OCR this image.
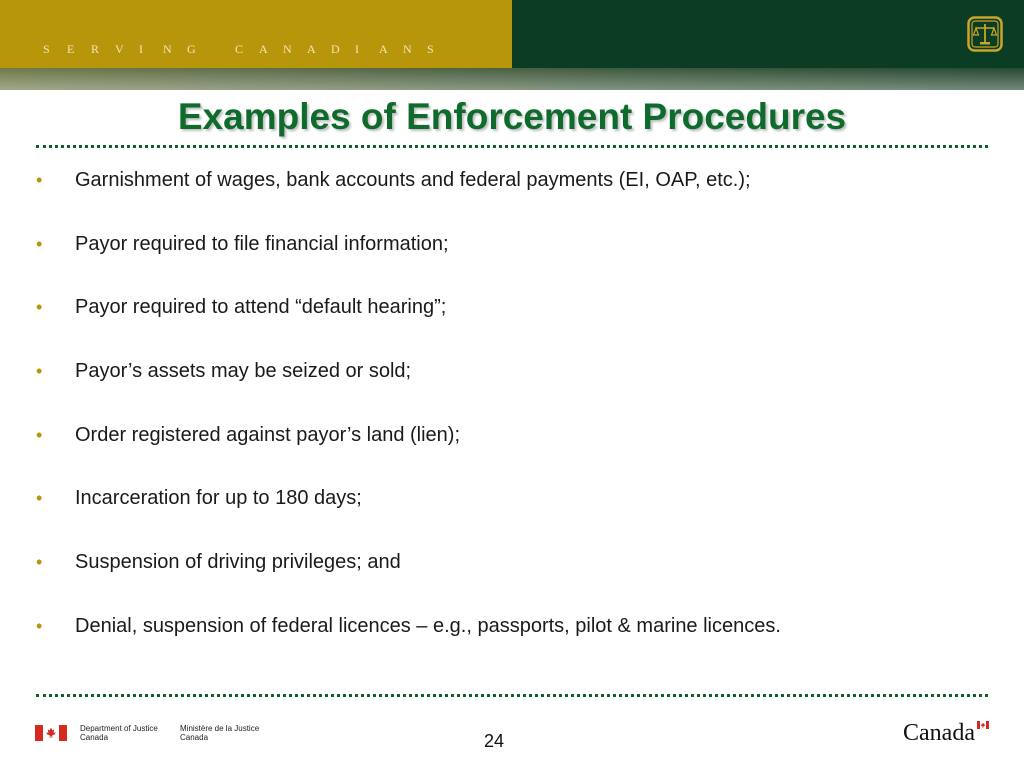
S E R V I N G	C A N A D I A N S

Examples of Enforcement Procedures
• Garnishment of wages, bank accounts and federal payments (EI, OAP, etc.);
• Payor required to file financial information;
• Payor required to attend “default hearing”;
• Payor’s assets may be seized or sold;
• Order registered against payor’s land (lien);
• Incarceration for up to 180 days;
• Suspension of driving privileges; and
• Denial, suspension of federal licences – e.g., passports, pilot & marine licences.
Department of Justice
Canada
Ministère de la Justice
Canada	24	Canada
